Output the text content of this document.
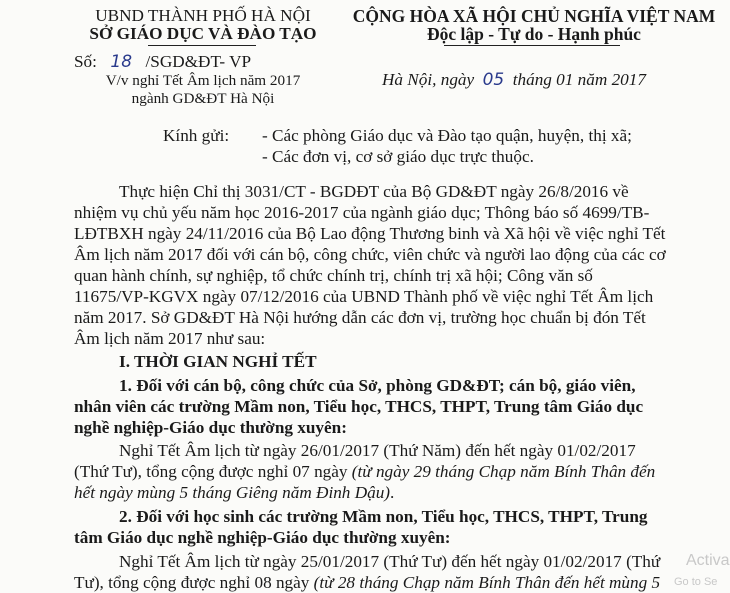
UBND THÀNH PHỐ HÀ NỘI
SỞ GIÁO DỤC VÀ ĐÀO TẠO
Số: 18 /SGD&ĐT- VP
V/v nghỉ Tết Âm lịch năm 2017
ngành GD&ĐT Hà Nội
CỘNG HÒA XÃ HỘI CHỦ NGHĨA VIỆT NAM
Độc lập - Tự do - Hạnh phúc
Hà Nội, ngày 05 tháng 01 năm 2017
Kính gửi: - Các phòng Giáo dục và Đào tạo quận, huyện, thị xã;
- Các đơn vị, cơ sở giáo dục trực thuộc.
Thực hiện Chỉ thị 3031/CT - BGDĐT của Bộ GD&ĐT ngày 26/8/2016 về
nhiệm vụ chủ yếu năm học 2016-2017 của ngành giáo dục; Thông báo số 4699/TB-
LĐTBXH ngày 24/11/2016 của Bộ Lao động Thương binh và Xã hội về việc nghỉ Tết
Âm lịch năm 2017 đối với cán bộ, công chức, viên chức và người lao động của các cơ
quan hành chính, sự nghiệp, tổ chức chính trị, chính trị xã hội; Công văn số
11675/VP-KGVX ngày 07/12/2016 của UBND Thành phố về việc nghỉ Tết Âm lịch
năm 2017. Sở GD&ĐT Hà Nội hướng dẫn các đơn vị, trường học chuẩn bị đón Tết
Âm lịch năm 2017 như sau:
I. THỜI GIAN NGHỈ TẾT
1. Đối với cán bộ, công chức của Sở, phòng GD&ĐT; cán bộ, giáo viên,
nhân viên các trường Mầm non, Tiểu học, THCS, THPT, Trung tâm Giáo dục
nghề nghiệp-Giáo dục thường xuyên:
Nghỉ Tết Âm lịch từ ngày 26/01/2017 (Thứ Năm) đến hết ngày 01/02/2017
(Thứ Tư), tổng cộng được nghỉ 07 ngày (từ ngày 29 tháng Chạp năm Bính Thân đến
hết ngày mùng 5 tháng Giêng năm Đinh Dậu).
2. Đối với học sinh các trường Mầm non, Tiểu học, THCS, THPT, Trung
tâm Giáo dục nghề nghiệp-Giáo dục thường xuyên:
Nghỉ Tết Âm lịch từ ngày 25/01/2017 (Thứ Tư) đến hết ngày 01/02/2017 (Thứ
Tư), tổng cộng được nghỉ 08 ngày (từ 28 tháng Chạp năm Bính Thân đến hết mùng 5
Activa
Go to Se
